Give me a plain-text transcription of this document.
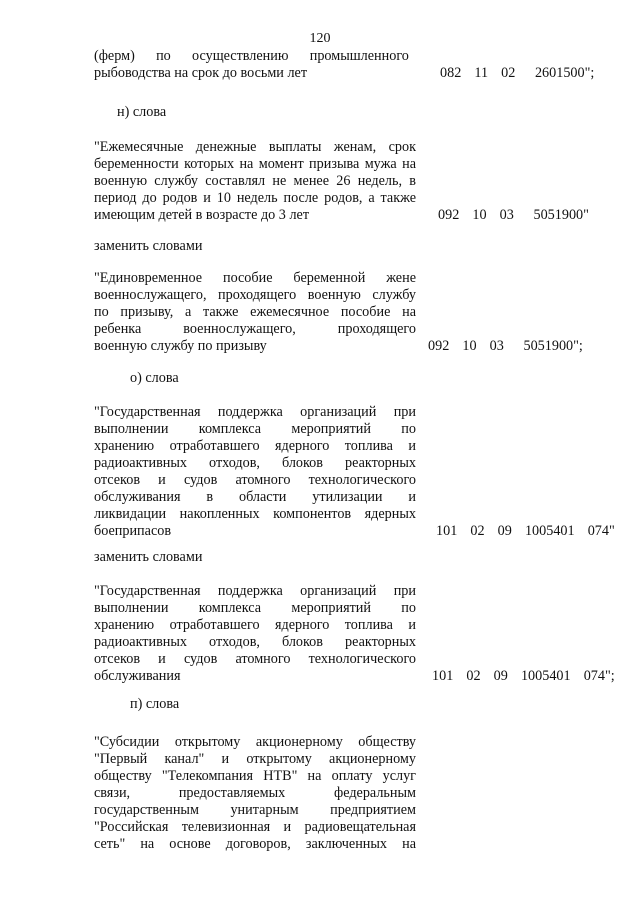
120
(ферм)      по      осуществлению      промышленного
рыбоводства на срок до восьми лет	082  11  02   2601500";
н) слова
"Ежемесячные денежные выплаты женам, срок
беременности которых на момент призыва мужа на
военную службу составлял не менее 26 недель, в
период до родов и 10 недель после родов, а также
имеющим детей в возрасте до 3 лет	092  10  03   5051900"
заменить словами
"Единовременное пособие беременной жене
военнослужащего, проходящего военную службу
по призыву, а также ежемесячное пособие на
ребенка военнослужащего, проходящего
военную службу по призыву	092  10  03   5051900";
о) слова
"Государственная поддержка организаций при
выполнении комплекса мероприятий по
хранению отработавшего ядерного топлива и
радиоактивных отходов, блоков реакторных
отсеков и судов атомного технологического
обслуживания в области утилизации и
ликвидации накопленных компонентов ядерных
боеприпасов	101  02  09  1005401  074"
заменить словами
"Государственная поддержка организаций при
выполнении комплекса мероприятий по
хранению отработавшего ядерного топлива и
радиоактивных отходов, блоков реакторных
отсеков и судов атомного технологического
обслуживания	101  02  09  1005401  074";
п) слова
"Субсидии открытому акционерному обществу
"Первый канал" и открытому акционерному
обществу "Телекомпания НТВ" на оплату услуг
связи, предоставляемых федеральным
государственным унитарным предприятием
"Российская телевизионная и радиовещательная
сеть" на основе договоров, заключенных на
